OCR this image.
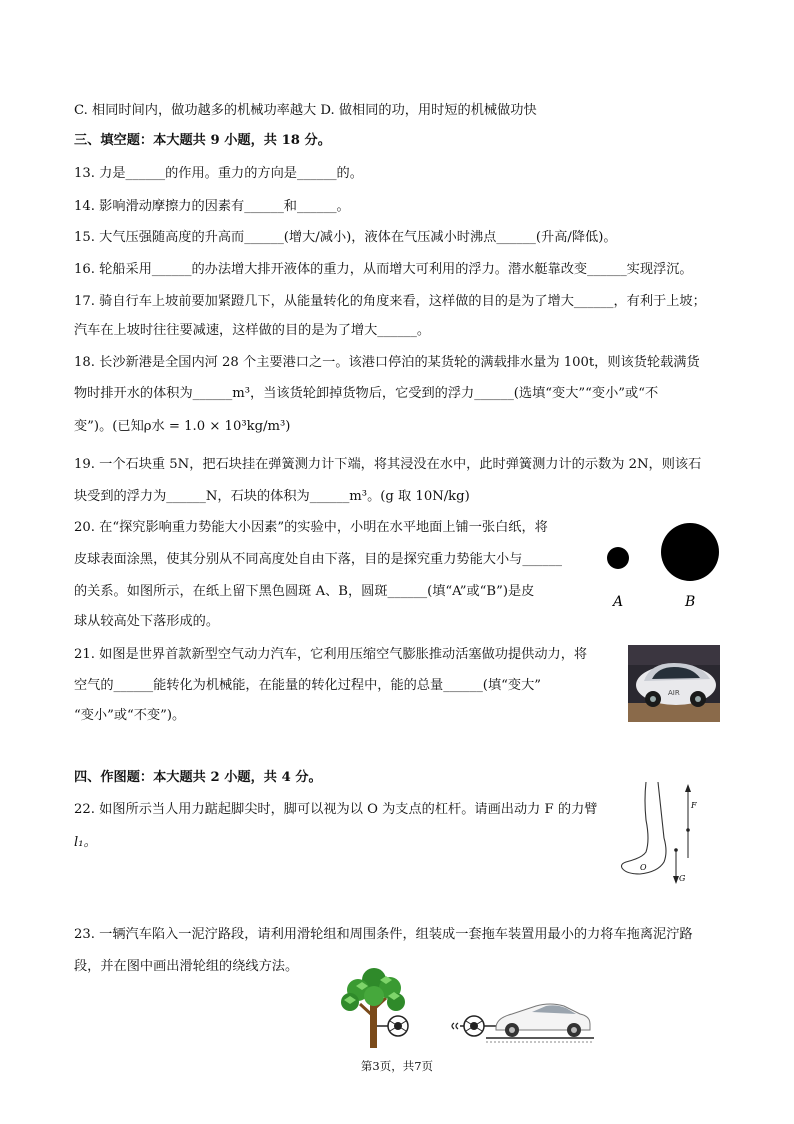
C. 相同时间内，做功越多的机械功率越大 D. 做相同的功，用时短的机械做功快
三、填空题：本大题共 9 小题，共 18 分。
13. 力是______的作用。重力的方向是______的。
14. 影响滑动摩擦力的因素有______和______。
15. 大气压强随高度的升高而______(增大/减小)，液体在气压减小时沸点______(升高/降低)。
16. 轮船采用______的办法增大排开液体的重力，从而增大可利用的浮力。潜水艇靠改变______实现浮沉。
17. 骑自行车上坡前要加紧蹬几下，从能量转化的角度来看，这样做的目的是为了增大______，有利于上坡；
汽车在上坡时往往要减速，这样做的目的是为了增大______。
18. 长沙新港是全国内河 28 个主要港口之一。该港口停泊的某货轮的满载排水量为 100t，则该货轮载满货
物时排开水的体积为______m³，当该货轮卸掉货物后，它受到的浮力______(选填“变大”“变小”或“不
变”)。(已知ρ水 = 1.0 × 10³kg/m³)
19. 一个石块重 5N，把石块挂在弹簧测力计下端，将其浸没在水中，此时弹簧测力计的示数为 2N，则该石
块受到的浮力为______N，石块的体积为______m³。(g 取 10N/kg)
20. 在“探究影响重力势能大小因素”的实验中，小明在水平地面上铺一张白纸，将
皮球表面涂黑，使其分别从不同高度处自由下落，目的是探究重力势能大小与______
的关系。如图所示，在纸上留下黑色圆斑 A、B，圆斑______(填“A”或“B”)是皮
球从较高处下落形成的。
21. 如图是世界首款新型空气动力汽车，它利用压缩空气膨胀推动活塞做功提供动力，将
空气的______能转化为机械能，在能量的转化过程中，能的总量______(填“变大”
“变小”或“不变”)。
四、作图题：本大题共 2 小题，共 4 分。
22. 如图所示当人用力踮起脚尖时，脚可以视为以 O 为支点的杠杆。请画出动力 F 的力臂
l₁。
23. 一辆汽车陷入一泥泞路段，请利用滑轮组和周围条件，组装成一套拖车装置用最小的力将车拖离泥泞路
段，并在图中画出滑轮组的绕线方法。
A	B
AIR
F
G
O
第3页，共7页
